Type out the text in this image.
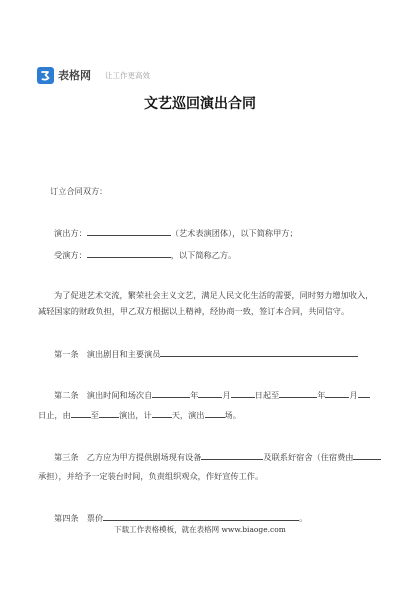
表格网 让工作更高效
文艺巡回演出合同
订立合同双方：
演出方：	（艺术表演团体），以下简称甲方；
受演方：	，以下简称乙方。
为了促进艺术交流，繁荣社会主义文艺，满足人民文化生活的需要，同时努力增加收入，
减轻国家的财政负担，甲乙双方根据以上精神，经协商一致，签订本合同，共同信守。
第一条　演出剧目和主要演员
第二条　演出时间和场次自	年	月	日起至	年	月
日止，由 至 演出，计 天，演出 场。
第三条　乙方应为甲方提供剧场现有设备	及联系好宿舍（住宿费由
承担），并给予一定装台时间，负责组织观众，作好宣传工作。
第四条　票价	。
下载工作表格模板，就在表格网 www.biaoge.com
